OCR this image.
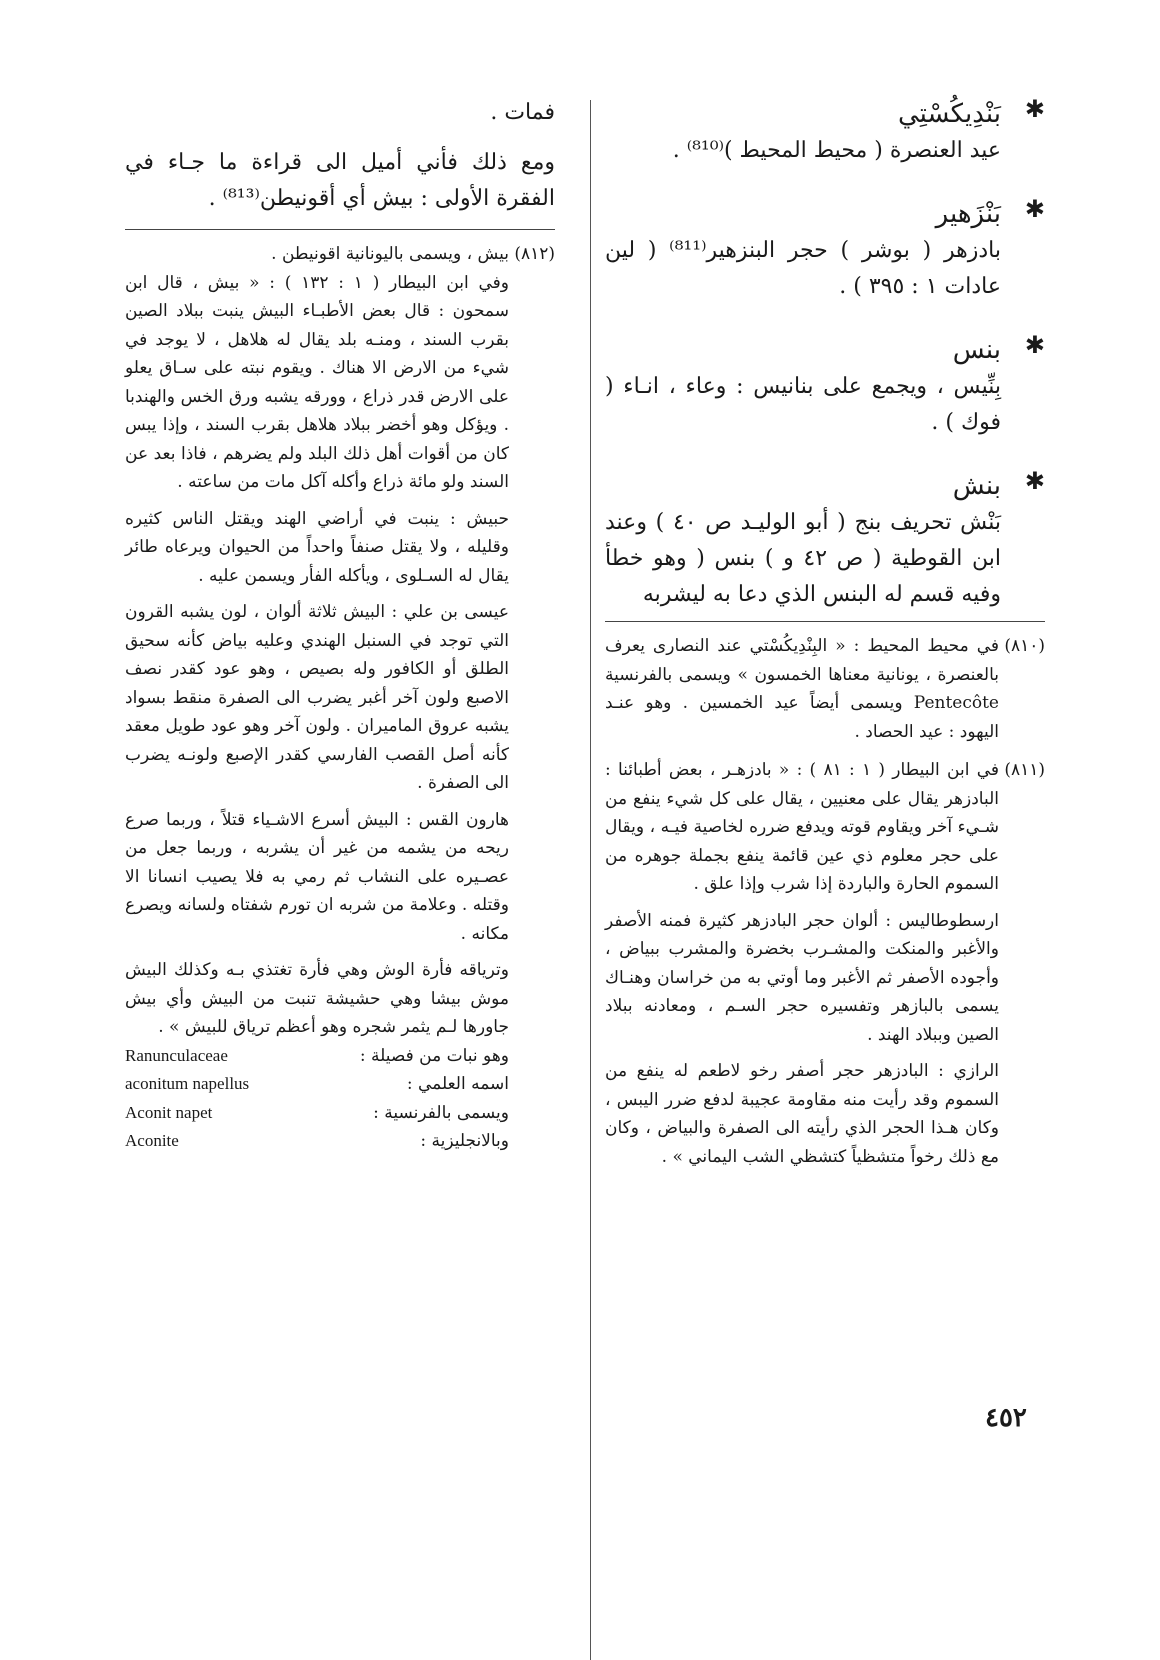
✱
بَنْدِيكُسْتِي
عيد العنصرة ( محيط المحيط )⁽⁸¹⁰⁾ .
✱
بَنْزَهير
بادزهر ( بوشر ) حجر البنزهير⁽⁸¹¹⁾ ( لين عادات ١ : ٣٩٥ ) .
✱
بنس
بِنِّيس ، ويجمع على بنانيس : وعاء ، انـاء ( فوك ) .
✱
بنش
بَنْش تحريف بنج ( أبو الوليـد ص ٤٠ ) وعند ابن القوطية ( ص ٤٢ و ) بنس ( وهو خطأ وفيه قسم له البنس الذي دعا به ليشربه
(٨١٠)

في محيط المحيط : « البِنْدِيكُسْتي عند النصارى يعرف بالعنصرة ، يونانية معناها الخمسون » ويسمى بالفرنسية Pentecôte ويسمى أيضاً عيد الخمسين . وهو عنـد اليهود : عيد الحصاد .

(٨١١)

في ابن البيطار ( ١ : ٨١ ) : « بادزهـر ، بعض أطبائنا : البادزهر يقال على معنيين ، يقال على كل شيء ينفع من شـيء آخر ويقاوم قوته ويدفع ضرره لخاصية فيـه ، ويقال على حجر معلوم ذي عين قائمة ينفع بجملة جوهره من السموم الحارة والباردة إذا شرب وإذا علق .

ارسطوطاليس : ألوان حجر البادزهر كثيرة فمنه الأصفر والأغبر والمنكت والمشـرب بخضرة والمشرب ببياض ، وأجوده الأصفر ثم الأغبر وما أوتي به من خراسان وهنـاك يسمى بالبازهر وتفسيره حجر السـم ، ومعادنه ببلاد الصين وببلاد الهند .

الرازي : البادزهر حجر أصفر رخو لاطعم له ينفع من السموم وقد رأيت منه مقاومة عجيبة لدفع ضرر اليبس ، وكان هـذا الحجر الذي رأيته الى الصفرة والبياض ، وكان مع ذلك رخواً متشظياً كتشظي الشب اليماني » .

فمات .
ومع ذلك فأني أميل الى قراءة ما جـاء في الفقرة الأولى : بيش أي أقونيطن⁽⁸¹³⁾ .
(٨١٢)

بيش ، ويسمى باليونانية اقونيطن .

وفي ابن البيطار ( ١ : ١٣٢ ) : « بيش ، قال ابن سمحون : قال بعض الأطبـاء البيش ينبت ببلاد الصين بقرب السند ، ومنـه بلد يقال له هلاهل ، لا يوجد في شيء من الارض الا هناك . ويقوم نبته على سـاق يعلو على الارض قدر ذراع ، وورقه يشبه ورق الخس والهندبا . ويؤكل وهو أخضر ببلاد هلاهل بقرب السند ، وإذا يبس كان من أقوات أهل ذلك البلد ولم يضرهم ، فاذا بعد عن السند ولو مائة ذراع وأكله آكل مات من ساعته .

حبيش : ينبت في أراضي الهند ويقتل الناس كثيره وقليله ، ولا يقتل صنفاً واحداً من الحيوان ويرعاه طائر يقال له السـلوى ، ويأكله الفأر ويسمن عليه .

عيسى بن علي : البيش ثلاثة ألوان ، لون يشبه القرون التي توجد في السنبل الهندي وعليه بياض كأنه سحيق الطلق أو الكافور وله بصيص ، وهو عود كقدر نصف الاصبع ولون آخر أغبر يضرب الى الصفرة منقط بسواد يشبه عروق الماميران . ولون آخر وهو عود طويل معقد كأنه أصل القصب الفارسي كقدر الإصبع ولونـه يضرب الى الصفرة .

هارون القس : البيش أسرع الاشـياء قتلاً ، وربما صرع ريحه من يشمه من غير أن يشربه ، وربما جعل من عصـيره على النشاب ثم رمي به فلا يصيب انسانا الا وقتله . وعلامة من شربه ان تورم شفتاه ولسانه ويصرع مكانه .

وترياقه فأرة الوش وهي فأرة تغتذي بـه وكذلك البيش موش بيشا وهي حشيشة تنبت من البيش وأي بيش جاورها لـم يثمر شجره وهو أعظم ترياق للبيش » .

وهو نبات من فصيلة :
Ranunculaceae
اسمه العلمي :
aconitum napellus
ويسمى بالفرنسية :
Aconit napet
وبالانجليزية :
Aconite
٤٥٢
